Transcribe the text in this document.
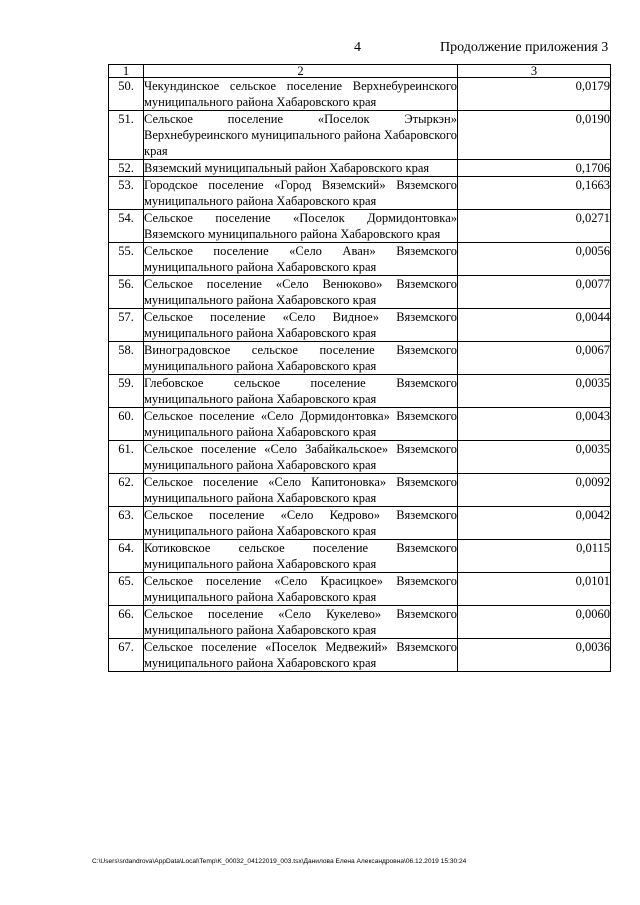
4	Продолжение приложения 3
1	2	3
50.	Чекундинское сельское поселение Верхнебуреинского муниципального района Хабаровского края	0,0179
51.	Сельское поселение «Поселок Этыркэн» Верхнебуреинского муниципального района Хабаровского края	0,0190
52.	Вяземский муниципальный район Хабаровского края	0,1706
53.	Городское поселение «Город Вяземский» Вяземского муниципального района Хабаровского края	0,1663
54.	Сельское поселение «Поселок Дормидонтовка» Вяземского муниципального района Хабаровского края	0,0271
55.	Сельское поселение «Село Аван» Вяземского муниципального района Хабаровского края	0,0056
56.	Сельское поселение «Село Венюково» Вяземского муниципального района Хабаровского края	0,0077
57.	Сельское поселение «Село Видное» Вяземского муниципального района Хабаровского края	0,0044
58.	Виноградовское сельское поселение Вяземского муниципального района Хабаровского края	0,0067
59.	Глебовское сельское поселение Вяземского муниципального района Хабаровского края	0,0035
60.	Сельское поселение «Село Дормидонтовка» Вяземского муниципального района Хабаровского края	0,0043
61.	Сельское поселение «Село Забайкальское» Вяземского муниципального района Хабаровского края	0,0035
62.	Сельское поселение «Село Капитоновка» Вяземского муниципального района Хабаровского края	0,0092
63.	Сельское поселение «Село Кедрово» Вяземского муниципального района Хабаровского края	0,0042
64.	Котиковское сельское поселение Вяземского муниципального района Хабаровского края	0,0115
65.	Сельское поселение «Село Красицкое» Вяземского муниципального района Хабаровского края	0,0101
66.	Сельское поселение «Село Кукелево» Вяземского муниципального района Хабаровского края	0,0060
67.	Сельское поселение «Поселок Медвежий» Вяземского муниципального района Хабаровского края	0,0036
C:\Users\srdandrova\AppData\Local\Temp\K_00032_04122019_003.tsx\Данилова Елена Александровна\06.12.2019 15:30:24
